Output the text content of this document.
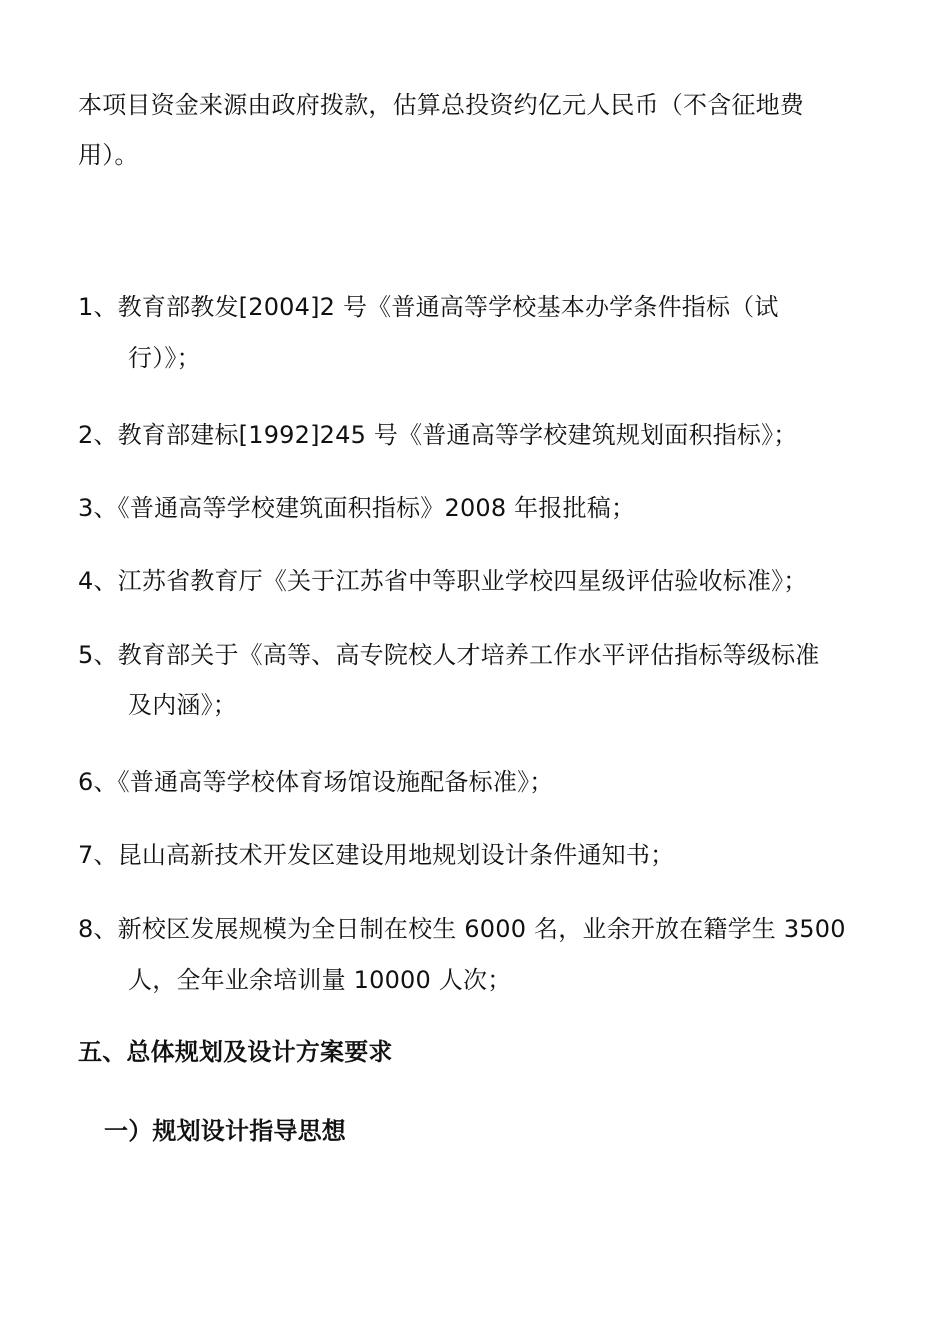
本项目资金来源由政府拨款，估算总投资约亿元人民币（不含征地费
用）。
1、教育部教发[2004]2 号《普通高等学校基本办学条件指标（试
行）》；
2、教育部建标[1992]245 号《普通高等学校建筑规划面积指标》；
3、《普通高等学校建筑面积指标》2008 年报批稿；
4、江苏省教育厅《关于江苏省中等职业学校四星级评估验收标准》；
5、教育部关于《高等、高专院校人才培养工作水平评估指标等级标准
及内涵》；
6、《普通高等学校体育场馆设施配备标准》；
7、昆山高新技术开发区建设用地规划设计条件通知书；
8、新校区发展规模为全日制在校生 6000 名，业余开放在籍学生 3500
人，全年业余培训量 10000 人次；
五、总体规划及设计方案要求
一）规划设计指导思想
